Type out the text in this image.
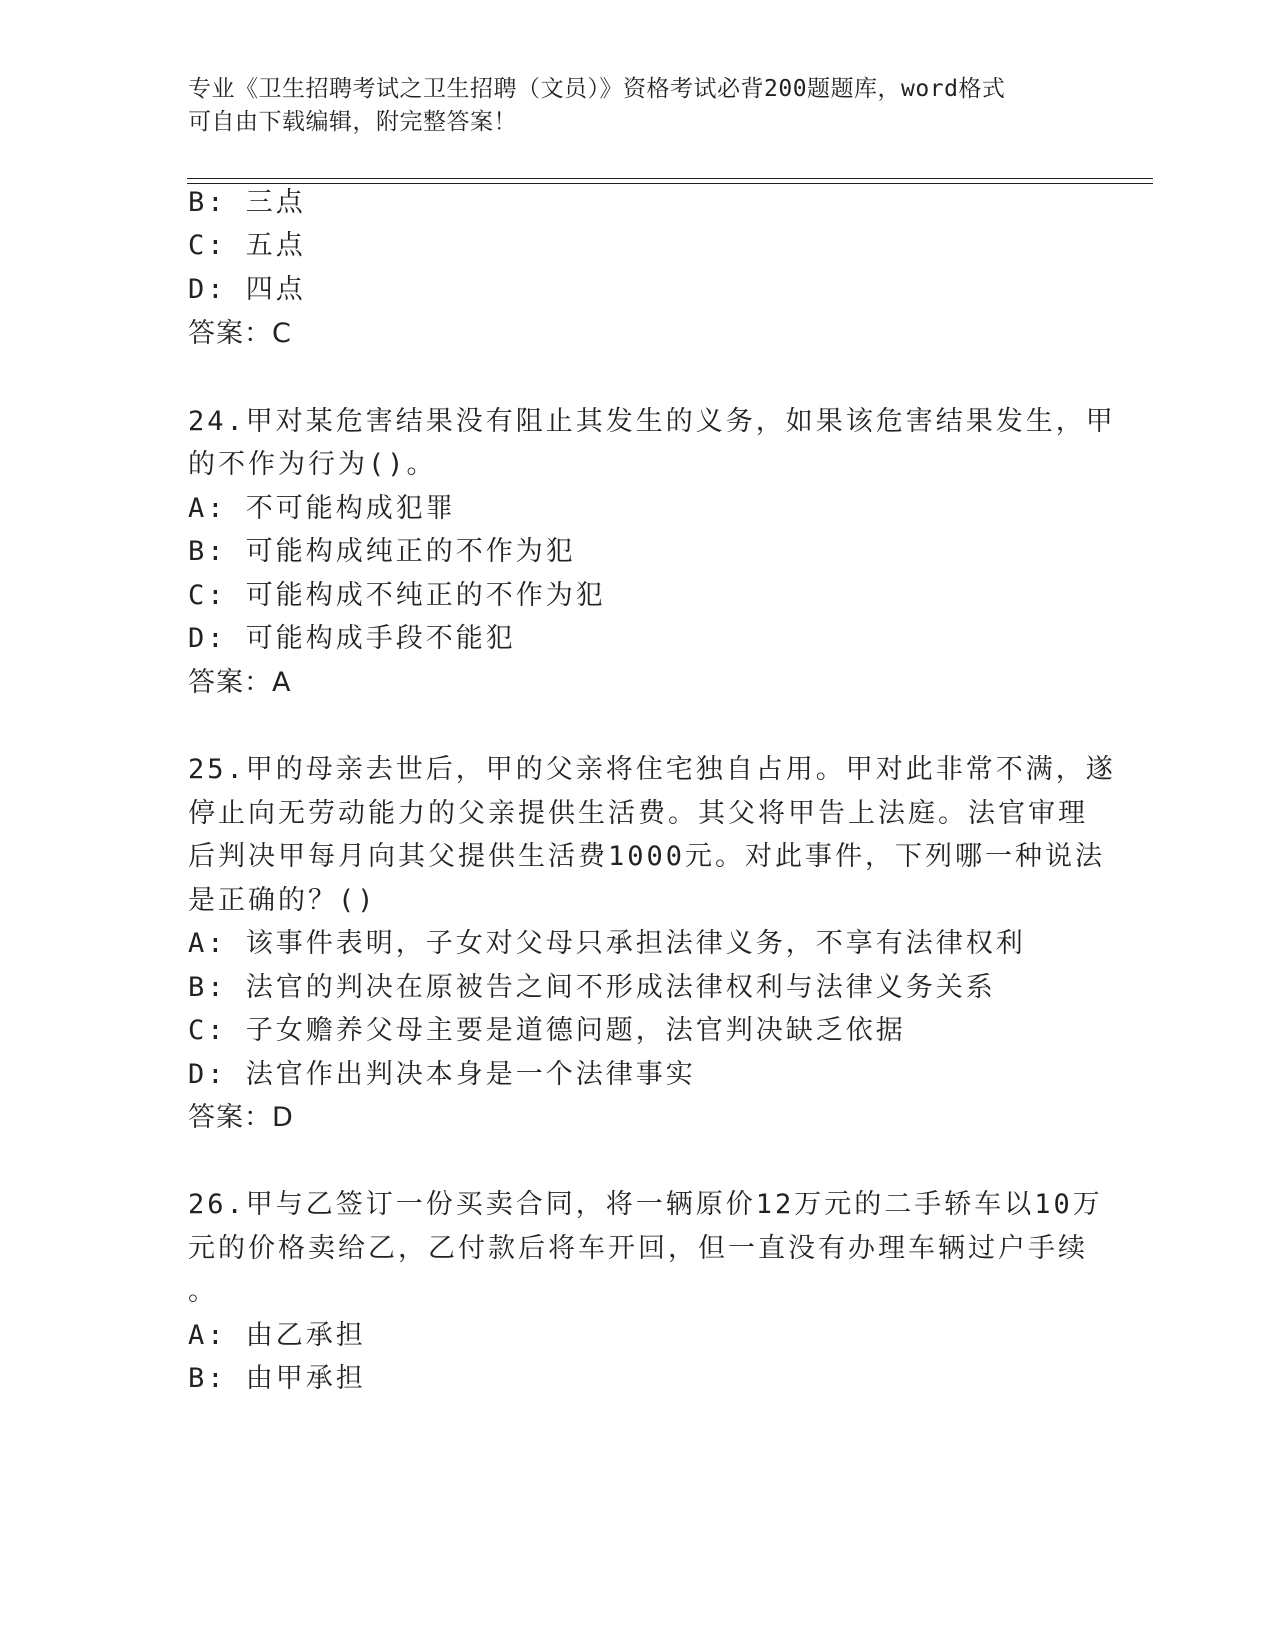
专业《卫生招聘考试之卫生招聘（文员）》资格考试必背200题题库，word格式
可自由下载编辑，附完整答案！
B: 三点
C: 五点
D: 四点
答案：C
24.甲对某危害结果没有阻止其发生的义务，如果该危害结果发生，甲
的不作为行为()。
A: 不可能构成犯罪
B: 可能构成纯正的不作为犯
C: 可能构成不纯正的不作为犯
D: 可能构成手段不能犯
答案：A
25.甲的母亲去世后，甲的父亲将住宅独自占用。甲对此非常不满，遂
停止向无劳动能力的父亲提供生活费。其父将甲告上法庭。法官审理
后判决甲每月向其父提供生活费1000元。对此事件，下列哪一种说法
是正确的？()
A: 该事件表明，子女对父母只承担法律义务，不享有法律权利
B: 法官的判决在原被告之间不形成法律权利与法律义务关系
C: 子女赡养父母主要是道德问题，法官判决缺乏依据
D: 法官作出判决本身是一个法律事实
答案：D
26.甲与乙签订一份买卖合同，将一辆原价12万元的二手轿车以10万
元的价格卖给乙，乙付款后将车开回，但一直没有办理车辆过户手续
。
A: 由乙承担
B: 由甲承担
